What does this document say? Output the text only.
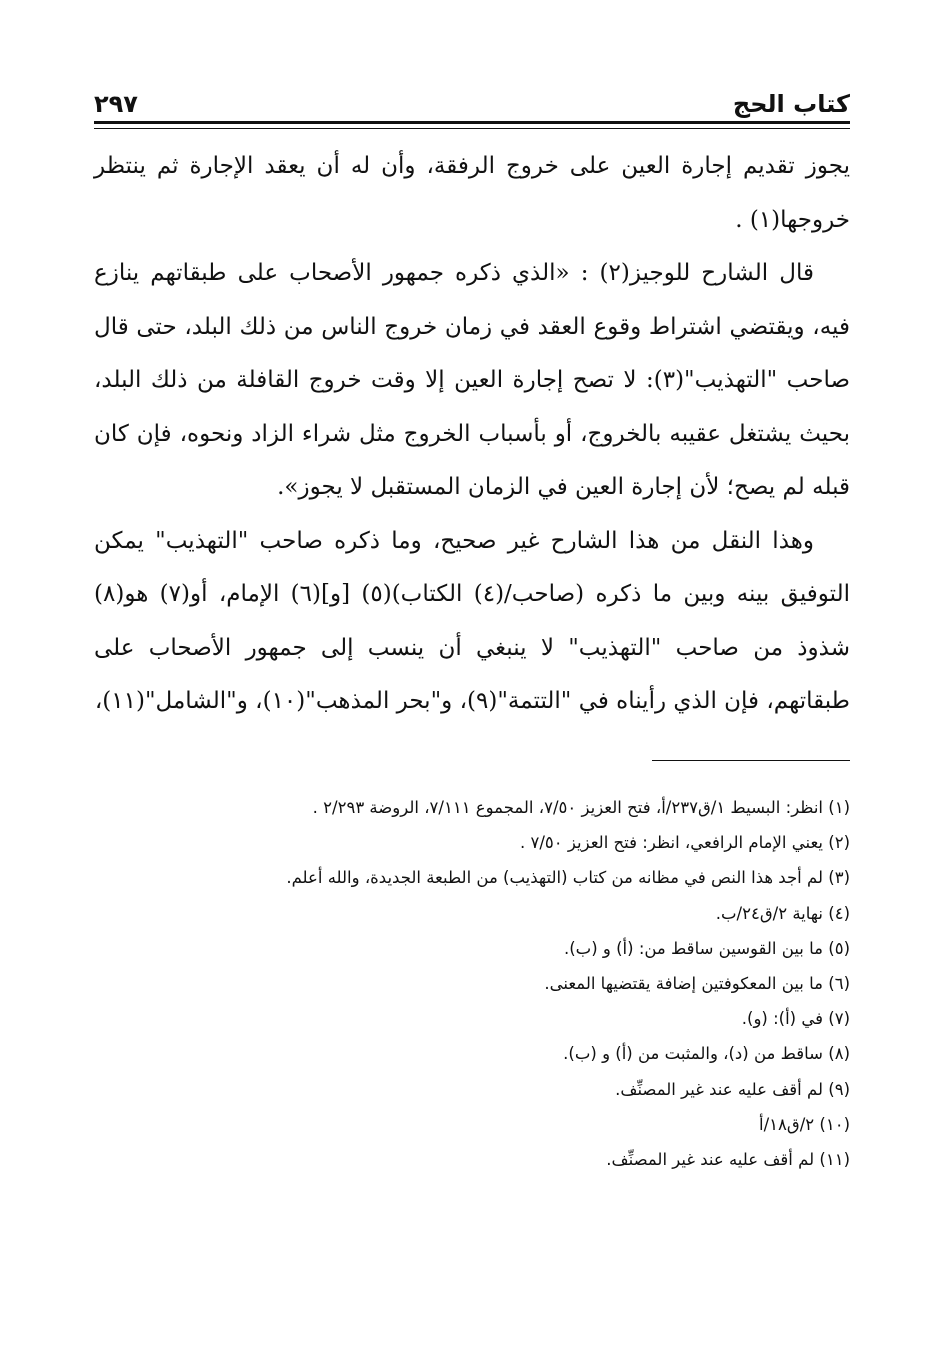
٢٩٧	كتاب الحج

يجوز تقديم إجارة العين على خروج الرفقة، وأن له أن يعقد الإجارة ثم ينتظر خروجها(١) .

قال الشارح للوجيز(٢) : «الذي ذكره جمهور الأصحاب على طبقاتهم ينازع فيه، ويقتضي اشتراط وقوع العقد في زمان خروج الناس من ذلك البلد، حتى قال صاحب "التهذيب"(٣): لا تصح إجارة العين إلا وقت خروج القافلة من ذلك البلد، بحيث يشتغل عقيبه بالخروج، أو بأسباب الخروج مثل شراء الزاد ونحوه، فإن كان قبله لم يصح؛ لأن إجارة العين في الزمان المستقبل لا يجوز».

وهذا النقل من هذا الشارح غير صحيح، وما ذكره صاحب "التهذيب" يمكن التوفيق بينه وبين ما ذكره (صاحب/(٤) الكتاب)(٥) [و](٦) الإمام، أو(٧) هو(٨) شذوذ من صاحب "التهذيب" لا ينبغي أن ينسب إلى جمهور الأصحاب على طبقاتهم، فإن الذي رأيناه في "التتمة"(٩)، و"بحر المذهب"(١٠)، و"الشامل"(١١)،

(١) انظر: البسيط ١/ق٢٣٧/أ، فتح العزيز ٧/٥٠، المجموع ٧/١١١، الروضة ٢/٢٩٣ .
(٢) يعني الإمام الرافعي، انظر: فتح العزيز ٧/٥٠ .
(٣) لم أجد هذا النص في مظانه من كتاب (التهذيب) من الطبعة الجديدة، والله أعلم.
(٤) نهاية ٢/ق٢٤/ب.
(٥) ما بين القوسين ساقط من: (أ) و (ب).
(٦) ما بين المعكوفتين إضافة يقتضيها المعنى.
(٧) في (أ): (و).
(٨) ساقط من (د)، والمثبت من (أ) و (ب).
(٩) لم أقف عليه عند غير المصنِّف.
(١٠) ٢/ق١٨/أ
(١١) لم أقف عليه عند غير المصنِّف.
